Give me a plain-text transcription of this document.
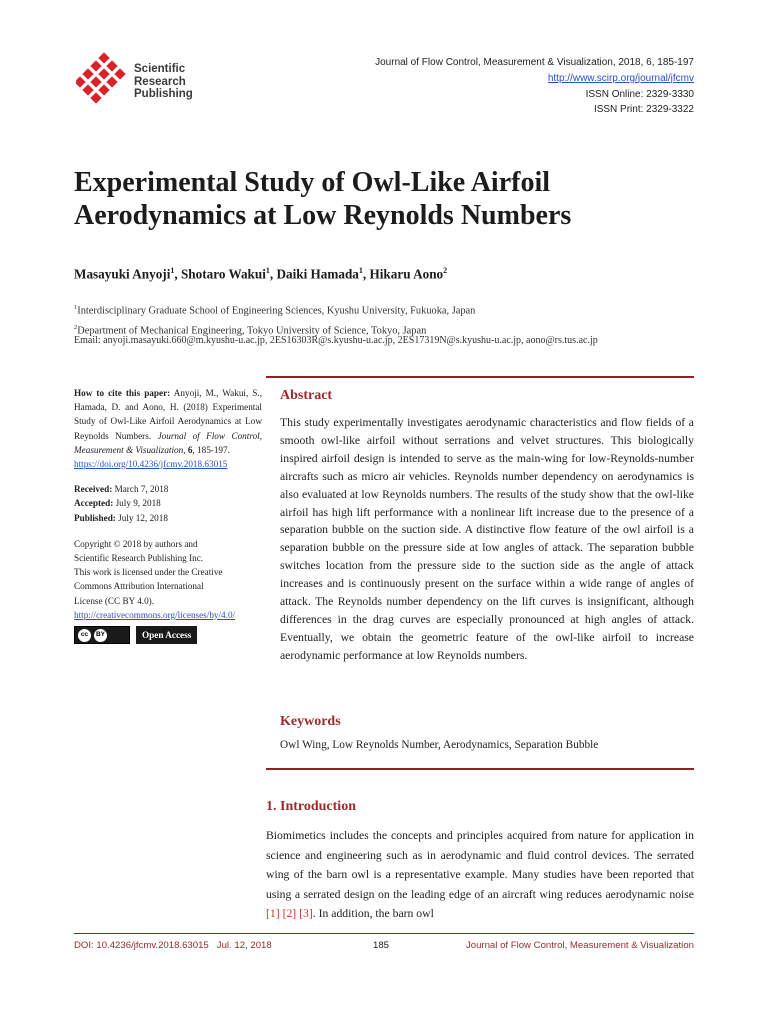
Scientific
Research
Publishing
Journal of Flow Control, Measurement & Visualization, 2018, 6, 185-197
http://www.scirp.org/journal/jfcmv
ISSN Online: 2329-3330
ISSN Print: 2329-3322
Experimental Study of Owl-Like Airfoil
Aerodynamics at Low Reynolds Numbers
Masayuki Anyoji$^1$, Shotaro Wakui$^1$, Daiki Hamada$^1$, Hikaru Aono$^2$
$^1$Interdisciplinary Graduate School of Engineering Sciences, Kyushu University, Fukuoka, Japan
$^2$Department of Mechanical Engineering, Tokyo University of Science, Tokyo, Japan
Email: anyoji.masayuki.660@m.kyushu-u.ac.jp, 2ES16303R@s.kyushu-u.ac.jp, 2ES17319N@s.kyushu-u.ac.jp, aono@rs.tus.ac.jp
How to cite this paper: Anyoji, M., Wakui, S., Hamada, D. and Aono, H. (2018) Experimental Study of Owl-Like Airfoil Aerodynamics at Low Reynolds Numbers. Journal of Flow Control, Measurement & Visualization, 6, 185-197.
https://doi.org/10.4236/jfcmv.2018.63015
Received: March 7, 2018
Accepted: July 9, 2018
Published: July 12, 2018
Copyright © 2018 by authors and
Scientific Research Publishing Inc.
This work is licensed under the Creative
Commons Attribution International
License (CC BY 4.0).
http://creativecommons.org/licenses/by/4.0/
cc	BY	Open Access
Abstract
This study experimentally investigates aerodynamic characteristics and flow fields of a smooth owl-like airfoil without serrations and velvet structures. This biologically inspired airfoil design is intended to serve as the main-wing for low-Reynolds-number aircrafts such as micro air vehicles. Reynolds number dependency on aerodynamics is also evaluated at low Reynolds numbers. The results of the study show that the owl-like airfoil has high lift performance with a nonlinear lift increase due to the presence of a separation bubble on the suction side. A distinctive flow feature of the owl airfoil is a separation bubble on the pressure side at low angles of attack. The separation bubble switches location from the pressure side to the suction side as the angle of attack increases and is continuously present on the surface within a wide range of angles of attack. The Reynolds number dependency on the lift curves is insignificant, although differences in the drag curves are especially pronounced at high angles of attack. Eventually, we obtain the geometric feature of the owl-like airfoil to increase aerodynamic performance at low Reynolds numbers.
Keywords
Owl Wing, Low Reynolds Number, Aerodynamics, Separation Bubble
1. Introduction
Biomimetics includes the concepts and principles acquired from nature for application in science and engineering such as in aerodynamic and fluid control devices. The serrated wing of the barn owl is a representative example. Many studies have been reported that using a serrated design on the leading edge of an aircraft wing reduces aerodynamic noise [1] [2] [3]. In addition, the barn owl
DOI: 10.4236/jfcmv.2018.63015 Jul. 12, 2018	185	Journal of Flow Control, Measurement & Visualization
